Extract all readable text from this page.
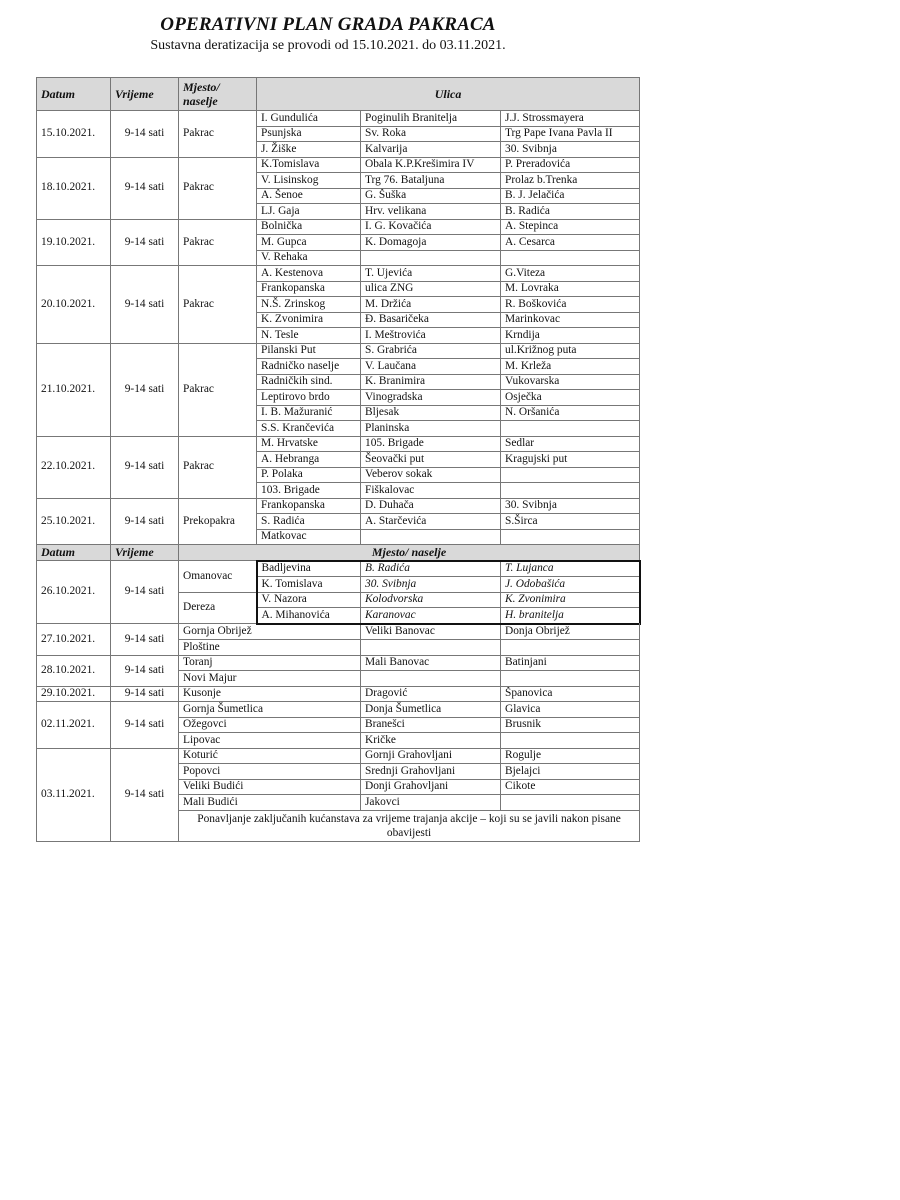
OPERATIVNI PLAN GRADA PAKRACA
Sustavna deratizacija se provodi od 15.10.2021. do 03.11.2021.
Datum	Vrijeme	Mjesto/ naselje	Ulica			
15.10.2021.	9-14 sati	Pakrac	I. Gundulića	Poginulih Branitelja	J.J. Strossmayera	
			Psunjska	Sv. Roka	Trg Pape Ivana Pavla II	
			J. Žiške	Kalvarija	30. Svibnja	
18.10.2021.	9-14 sati	Pakrac	K.Tomislava	Obala K.P.Krešimira IV	P. Preradovića	
			V. Lisinskog	Trg 76. Bataljuna	Prolaz b.Trenka	
			A. Šenoe	G. Šuška	B. J. Jelačića	
			LJ. Gaja	Hrv. velikana	B. Radića	
19.10.2021.	9-14 sati	Pakrac	Bolnička	I. G. Kovačića	A. Stepinca	
			M. Gupca	K. Domagoja	A. Cesarca	
			V. Rehaka			
20.10.2021.	9-14 sati	Pakrac	A. Kestenova	T. Ujevića	G.Viteza	
			Frankopanska	ulica ZNG	M. Lovraka	
			N.Š. Zrinskog	M. Držića	R. Boškovića	
			K. Zvonimira	Đ. Basaričeka	Marinkovac	
			N. Tesle	I. Meštrovića	Krndija	
21.10.2021.	9-14 sati	Pakrac	Pilanski Put	S. Grabrića	ul.Križnog puta	
			Radničko naselje	V. Laučana	M. Krleža	
			Radničkih sind.	K. Branimira	Vukovarska	
			Leptirovo brdo	Vinogradska	Osječka	
			I. B. Mažuranić	Bljesak	N. Oršanića	
			S.S. Krančevića	Planinska		
22.10.2021.	9-14 sati	Pakrac	M. Hrvatske	105. Brigade	Sedlar	
			A. Hebranga	Šeovački put	Kragujski put	
			P. Polaka	Veberov sokak		
			103. Brigade	Fiškalovac		
25.10.2021.	9-14 sati	Prekopakra	Frankopanska	D. Duhača	30. Svibnja	
			S. Radića	A. Starčevića	S.Širca	
			Matkovac			
Datum	Vrijeme	Mjesto/ naselje				
26.10.2021.	9-14 sati	Omanovac	Badljevina	B. Radića	T. Lujanca	
			K. Tomislava	30. Svibnja	J. Odobašića	
		Dereza	V. Nazora	Kolodvorska	K. Zvonimira	
			A. Mihanovića	Karanovac	H. branitelja	
27.10.2021.	9-14 sati	Gornja Obrijež		Veliki Banovac	Donja Obrijež	
		Ploštine				
28.10.2021.	9-14 sati	Toranj		Mali Banovac	Batinjani	
		Novi Majur				
29.10.2021.	9-14 sati	Kusonje		Dragović	Španovica	
02.11.2021.	9-14 sati	Gornja Šumetlica		Donja Šumetlica	Glavica	
		Ožegovci		Branešci	Brusnik	
		Lipovac		Kričke		
03.11.2021.	9-14 sati	Koturić		Gornji Grahovljani	Rogulje	
		Popovci		Srednji Grahovljani	Bjelajci	
		Veliki Budići		Donji Grahovljani	Cikote	
		Mali Budići		Jakovci		
		Ponavljanje zaključanih kućanstava za vrijeme trajanja akcije – koji su se javili nakon pisane obavijesti				
